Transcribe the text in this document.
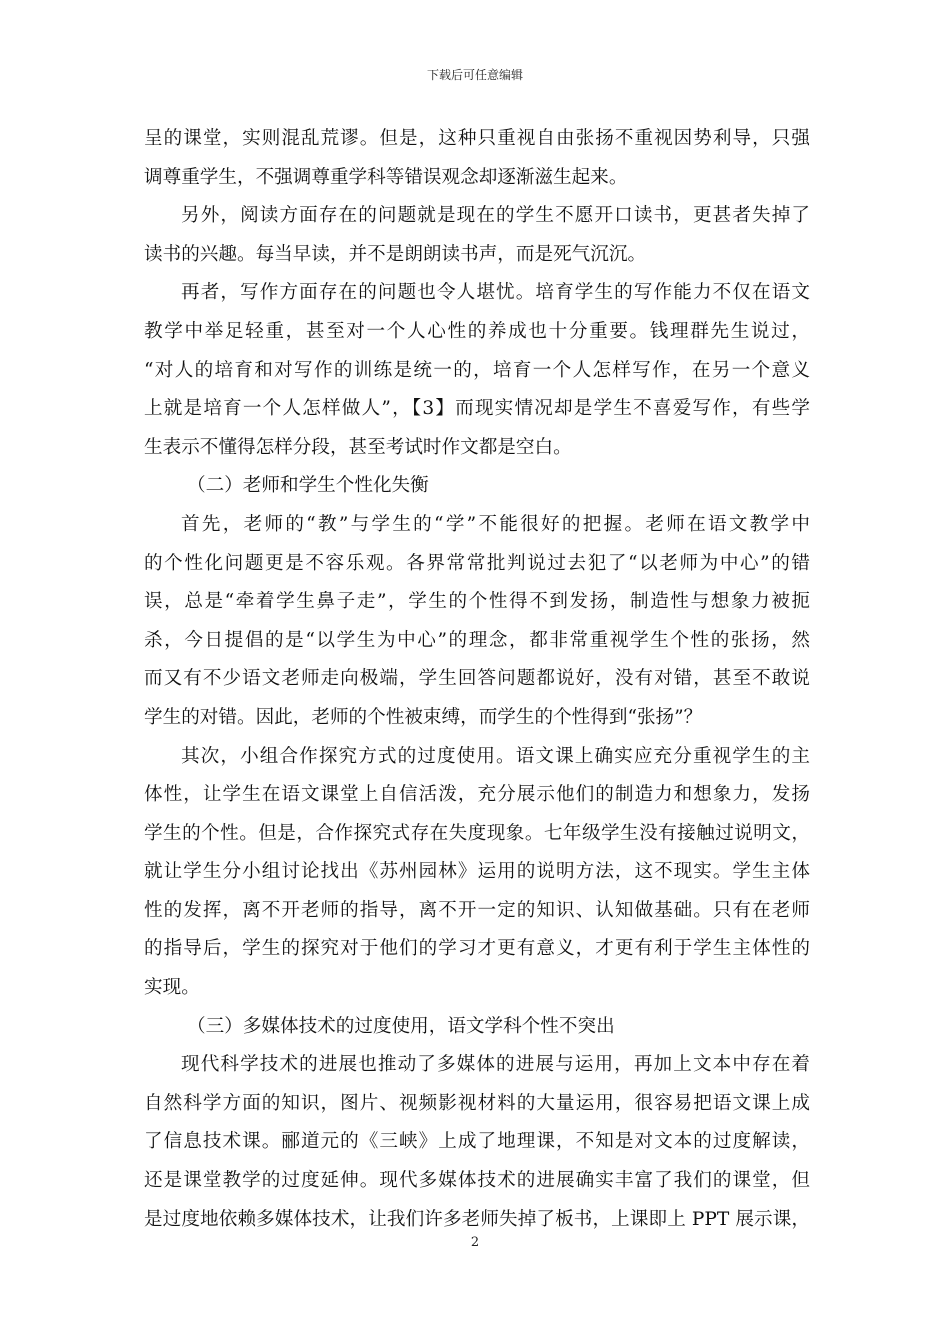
下载后可任意编辑
呈的课堂，实则混乱荒谬。但是，这种只重视自由张扬不重视因势利导，只强
调尊重学生，不强调尊重学科等错误观念却逐渐滋生起来。
另外，阅读方面存在的问题就是现在的学生不愿开口读书，更甚者失掉了
读书的兴趣。每当早读，并不是朗朗读书声，而是死气沉沉。
再者，写作方面存在的问题也令人堪忧。培育学生的写作能力不仅在语文
教学中举足轻重，甚至对一个人心性的养成也十分重要。钱理群先生说过，
“对人的培育和对写作的训练是统一的，培育一个人怎样写作，在另一个意义
上就是培育一个人怎样做人”，【3】而现实情况却是学生不喜爱写作，有些学
生表示不懂得怎样分段，甚至考试时作文都是空白。
（二）老师和学生个性化失衡
首先，老师的“教”与学生的“学”不能很好的把握。老师在语文教学中
的个性化问题更是不容乐观。各界常常批判说过去犯了“以老师为中心”的错
误，总是“牵着学生鼻子走”，学生的个性得不到发扬，制造性与想象力被扼
杀，今日提倡的是“以学生为中心”的理念，都非常重视学生个性的张扬，然
而又有不少语文老师走向极端，学生回答问题都说好，没有对错，甚至不敢说
学生的对错。因此，老师的个性被束缚，而学生的个性得到“张扬”？
其次，小组合作探究方式的过度使用。语文课上确实应充分重视学生的主
体性，让学生在语文课堂上自信活泼，充分展示他们的制造力和想象力，发扬
学生的个性。但是，合作探究式存在失度现象。七年级学生没有接触过说明文，
就让学生分小组讨论找出《苏州园林》运用的说明方法，这不现实。学生主体
性的发挥，离不开老师的指导，离不开一定的知识、认知做基础。只有在老师
的指导后，学生的探究对于他们的学习才更有意义，才更有利于学生主体性的
实现。
（三）多媒体技术的过度使用，语文学科个性不突出
现代科学技术的进展也推动了多媒体的进展与运用，再加上文本中存在着
自然科学方面的知识，图片、视频影视材料的大量运用，很容易把语文课上成
了信息技术课。郦道元的《三峡》上成了地理课，不知是对文本的过度解读，
还是课堂教学的过度延伸。现代多媒体技术的进展确实丰富了我们的课堂，但
是过度地依赖多媒体技术，让我们许多老师失掉了板书，上课即上 PPT 展示课，
2
